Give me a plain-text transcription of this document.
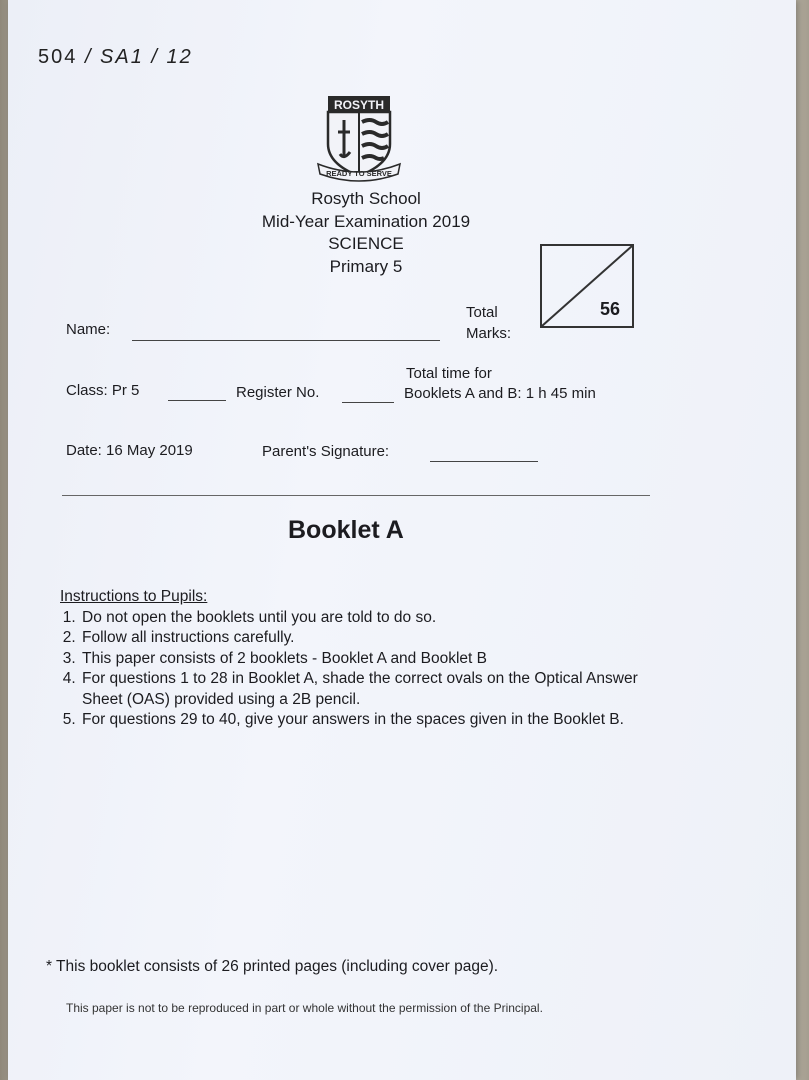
504 / SA1 / 12
ROSYTH
READY TO SERVE
Rosyth School
Mid-Year Examination 2019
SCIENCE
Primary 5
Total
Marks:
56
Name:
Class: Pr 5	Register No.
Total time for
Booklets A and B: 1 h 45 min
Date: 16 May 2019	Parent's Signature:
Booklet A
Instructions to Pupils:
1. Do not open the booklets until you are told to do so.
2. Follow all instructions carefully.
3. This paper consists of 2 booklets - Booklet A and Booklet B
4. For questions 1 to 28 in Booklet A, shade the correct ovals on the Optical Answer Sheet (OAS) provided using a 2B pencil.
5. For questions 29 to 40, give your answers in the spaces given in the Booklet B.
* This booklet consists of 26 printed pages (including cover page).
This paper is not to be reproduced in part or whole without the permission of the Principal.
